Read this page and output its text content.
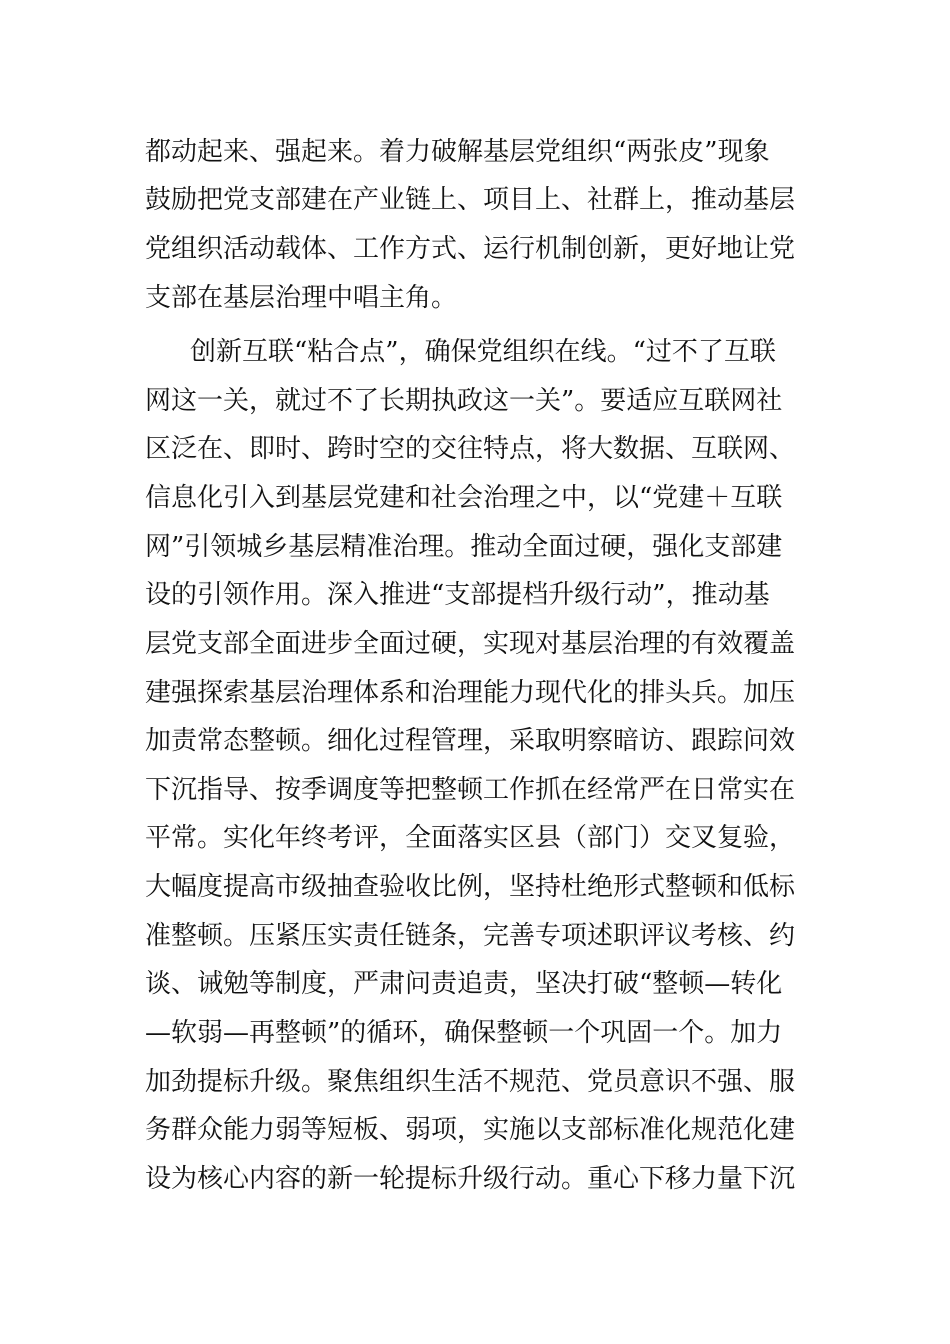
都动起来、强起来。着力破解基层党组织“两张皮”现象
鼓励把党支部建在产业链上、项目上、社群上，推动基层
党组织活动载体、工作方式、运行机制创新，更好地让党
支部在基层治理中唱主角。
创新互联“粘合点”，确保党组织在线。“过不了互联
网这一关，就过不了长期执政这一关”。要适应互联网社
区泛在、即时、跨时空的交往特点，将大数据、互联网、
信息化引入到基层党建和社会治理之中，以“党建＋互联
网”引领城乡基层精准治理。推动全面过硬，强化支部建
设的引领作用。深入推进“支部提档升级行动”，推动基
层党支部全面进步全面过硬，实现对基层治理的有效覆盖
建强探索基层治理体系和治理能力现代化的排头兵。加压
加责常态整顿。细化过程管理，采取明察暗访、跟踪问效
下沉指导、按季调度等把整顿工作抓在经常严在日常实在
平常。实化年终考评，全面落实区县（部门）交叉复验，
大幅度提高市级抽查验收比例，坚持杜绝形式整顿和低标
准整顿。压紧压实责任链条，完善专项述职评议考核、约
谈、诫勉等制度，严肃问责追责，坚决打破“整顿—转化
—软弱—再整顿”的循环，确保整顿一个巩固一个。加力
加劲提标升级。聚焦组织生活不规范、党员意识不强、服
务群众能力弱等短板、弱项，实施以支部标准化规范化建
设为核心内容的新一轮提标升级行动。重心下移力量下沉
